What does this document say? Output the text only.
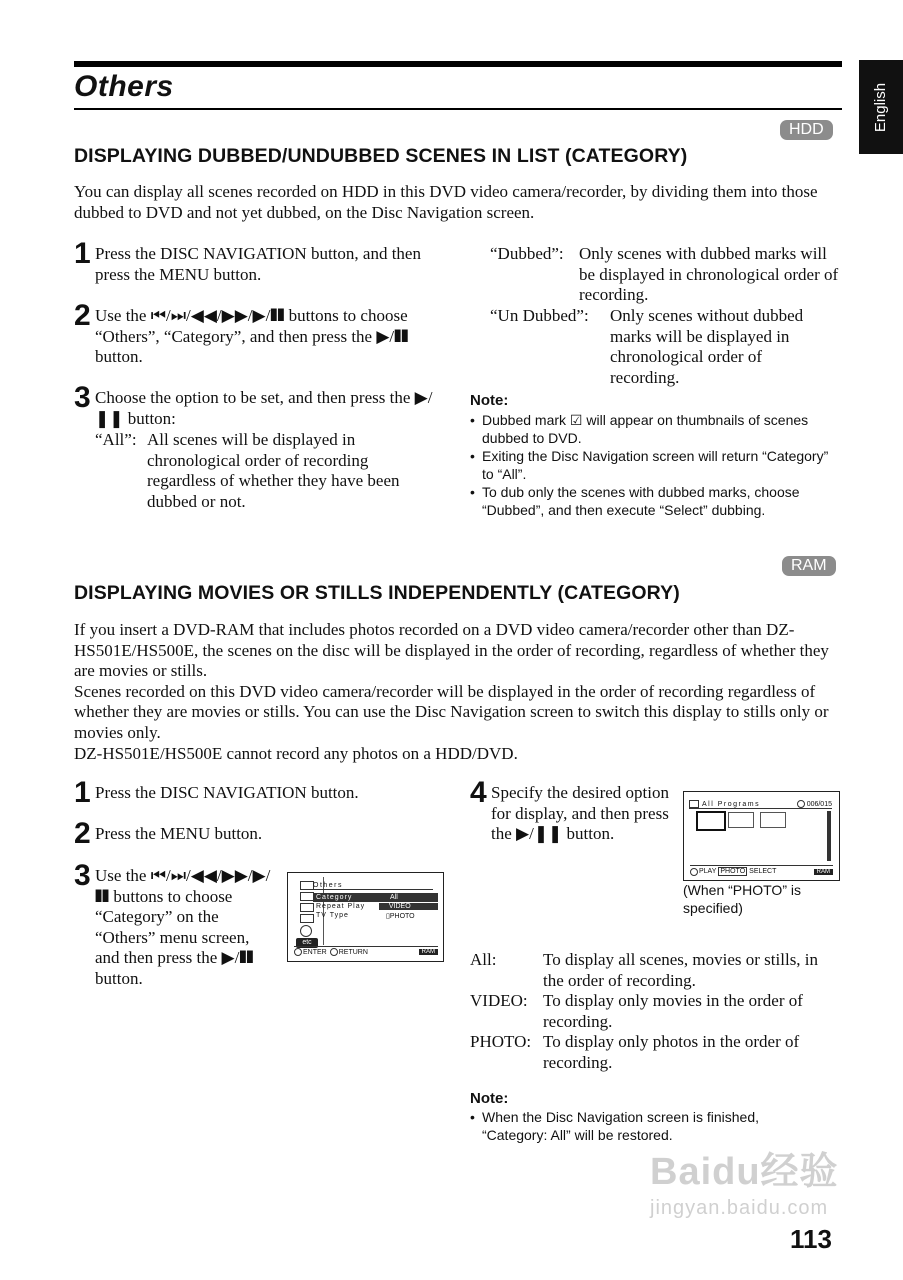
Others	English
HDD
DISPLAYING DUBBED/UNDUBBED SCENES IN LIST (CATEGORY)

You can display all scenes recorded on HDD in this DVD video camera/recorder, by dividing them into those dubbed to DVD and not yet dubbed, on the Disc Navigation screen.

1 Press the DISC NAVIGATION button, and then press the MENU button.
2 Use the ⏮/⏭/◀◀/▶▶/▶/❚❚ buttons to choose “Others”, “Category”, and then press the ▶/❚❚ button.
3 Choose the option to be set, and then press the ▶/❚❚ button:
“All”: All scenes will be displayed in chronological order of recording regardless of whether they have been dubbed or not.
“Dubbed”: Only scenes with dubbed marks will be displayed in chronological order of recording.
“Un Dubbed”:	Only scenes without dubbed marks will be displayed in chronological order of recording.
Note:
• Dubbed mark ☑ will appear on thumbnails of scenes dubbed to DVD.
• Exiting the Disc Navigation screen will return “Category” to “All”.
• To dub only the scenes with dubbed marks, choose “Dubbed”, and then execute “Select” dubbing.
RAM
DISPLAYING MOVIES OR STILLS INDEPENDENTLY (CATEGORY)

If you insert a DVD-RAM that includes photos recorded on a DVD video camera/recorder other than DZ-HS501E/HS500E, the scenes on the disc will be displayed in the order of recording, regardless of whether they are movies or stills.

Scenes recorded on this DVD video camera/recorder will be displayed in the order of recording regardless of whether they are movies or stills. You can use the Disc Navigation screen to switch this display to stills only or movies only.

DZ-HS501E/HS500E cannot record any photos on a HDD/DVD.

1 Press the DISC NAVIGATION button.
2 Press the MENU button.
3 Use the ⏮/⏭/◀◀/▶▶/▶/❚❚ buttons to choose “Category” on the “Others” menu screen, and then press the ▶/❚❚ button.
etc
Others
Category	All
Repeat Play	VIDEO
TV Type	▯PHOTO
ENTER RETURN	RAM
4 Specify the desired option for display, and then press the ▶/❚❚ button.
All Programs	006/015
PLAY PHOTO SELECT	RAM
(When “PHOTO” is specified)
All:	To display all scenes, movies or stills, in the order of recording.
VIDEO: To display only movies in the order of recording.
PHOTO: To display only photos in the order of recording.
Note:
• When the Disc Navigation screen is finished, “Category: All” will be restored.
Baidu经验
jingyan.baidu.com
113
